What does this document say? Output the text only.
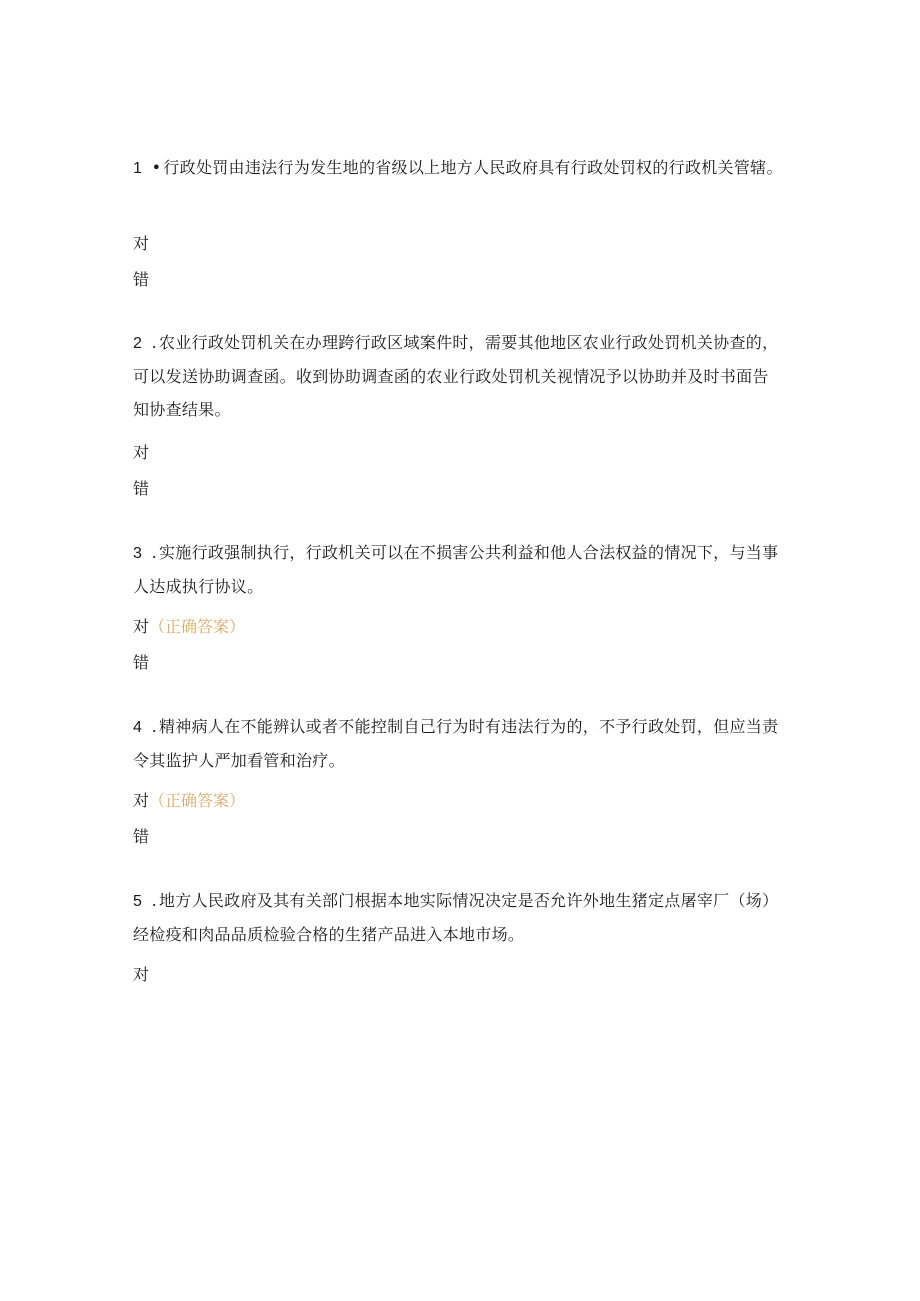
1 • 行政处罚由违法行为发生地的省级以上地方人民政府具有行政处罚权的行政机关管辖。
对
错
2 . 农业行政处罚机关在办理跨行政区域案件时，需要其他地区农业行政处罚机关协查的，可以发送协助调查函。收到协助调查函的农业行政处罚机关视情况予以协助并及时书面告知协查结果。
对
错
3 . 实施行政强制执行，行政机关可以在不损害公共利益和他人合法权益的情况下，与当事人达成执行协议。
对（正确答案）
错
4 . 精神病人在不能辨认或者不能控制自己行为时有违法行为的，不予行政处罚，但应当责令其监护人严加看管和治疗。
对（正确答案）
错
5 . 地方人民政府及其有关部门根据本地实际情况决定是否允许外地生猪定点屠宰厂（场）经检疫和肉品品质检验合格的生猪产品进入本地市场。
对
